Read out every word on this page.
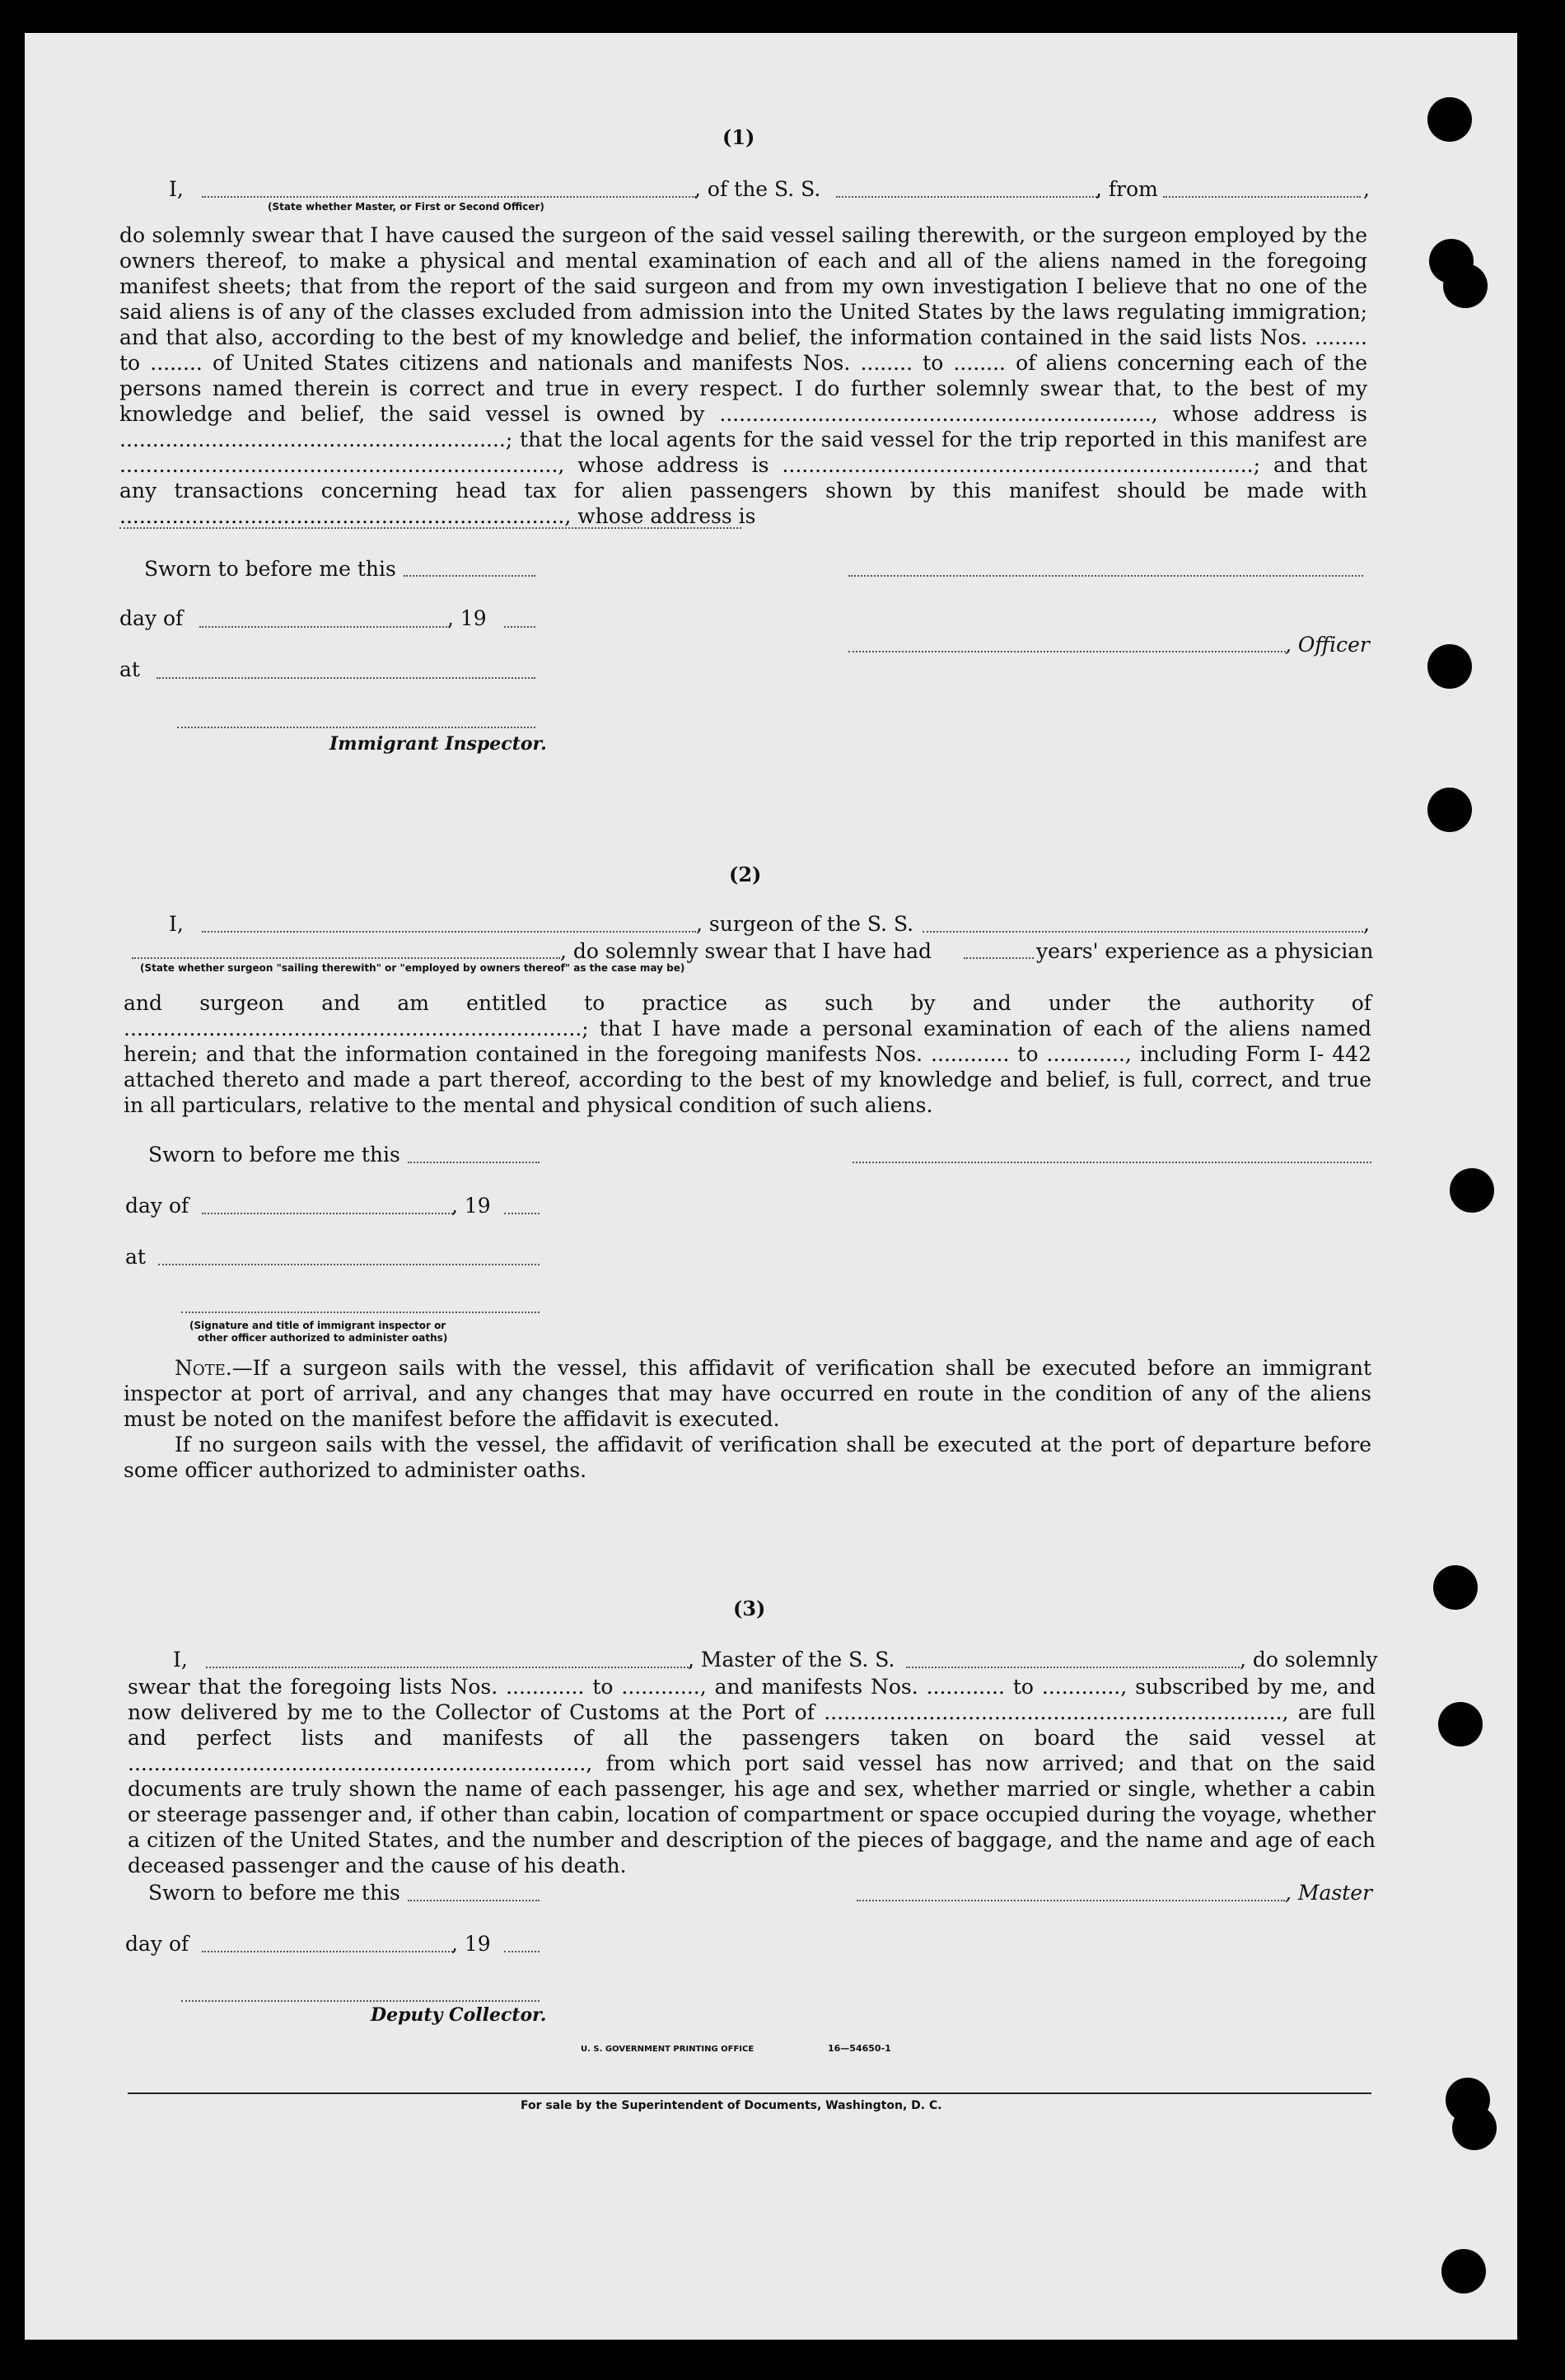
(1)
I,	, of the S. S.	, from	,
(State whether Master, or First or Second Officer)
do solemnly swear that I have caused the surgeon of the said vessel sailing therewith, or the surgeon employed by the owners thereof, to make a physical and mental examination of each and all of the aliens named in the foregoing manifest sheets; that from the report of the said surgeon and from my own investigation I believe that no one of the said aliens is of any of the classes excluded from admission into the United States by the laws regulating immigration; and that also, according to the best of my knowledge and belief, the information contained in the said lists Nos. ........ to ........ of United States citizens and nationals and manifests Nos. ........ to ........ of aliens concerning each of the persons named therein is correct and true in every respect. I do further solemnly swear that, to the best of my knowledge and belief, the said vessel is owned by .................................................................., whose address is ...........................................................; that the local agents for the said vessel for the trip reported in this manifest are ..................................................................., whose address is ........................................................................; and that any transactions concerning head tax for alien passengers shown by this manifest should be made with ...................................................................., whose address is
Sworn to before me this
day of	, 19
, Officer
at
Immigrant Inspector.
(2)
I,	, surgeon of the S. S.	,
, do solemnly swear that I have had	years' experience as a physician
(State whether surgeon "sailing therewith" or "employed by owners thereof" as the case may be)
and surgeon and am entitled to practice as such by and under the authority of ......................................................................; that I have made a personal examination of each of the aliens named herein; and that the information contained in the foregoing manifests Nos. ............ to ............, including Form I- 442 attached thereto and made a part thereof, according to the best of my knowledge and belief, is full, correct, and true in all particulars, relative to the mental and physical condition of such aliens.
Sworn to before me this
day of	, 19
at
(Signature and title of immigrant inspector or
other officer authorized to administer oaths)
Note.—If a surgeon sails with the vessel, this affidavit of verification shall be executed before an immigrant inspector at port of arrival, and any changes that may have occurred en route in the condition of any of the aliens must be noted on the manifest before the affidavit is executed.
If no surgeon sails with the vessel, the affidavit of verification shall be executed at the port of departure before some officer authorized to administer oaths.
(3)
I,	, Master of the S. S.	, do solemnly
swear that the foregoing lists Nos. ............ to ............, and manifests Nos. ............ to ............, subscribed by me, and now delivered by me to the Collector of Customs at the Port of ......................................................................, are full and perfect lists and manifests of all the passengers taken on board the said vessel at ......................................................................, from which port said vessel has now arrived; and that on the said documents are truly shown the name of each passenger, his age and sex, whether married or single, whether a cabin or steerage passenger and, if other than cabin, location of compartment or space occupied during the voyage, whether a citizen of the United States, and the number and description of the pieces of baggage, and the name and age of each deceased passenger and the cause of his death.
Sworn to before me this	, Master
day of	, 19
Deputy Collector.
U. S. GOVERNMENT PRINTING OFFICE	16—54650-1
For sale by the Superintendent of Documents, Washington, D. C.
